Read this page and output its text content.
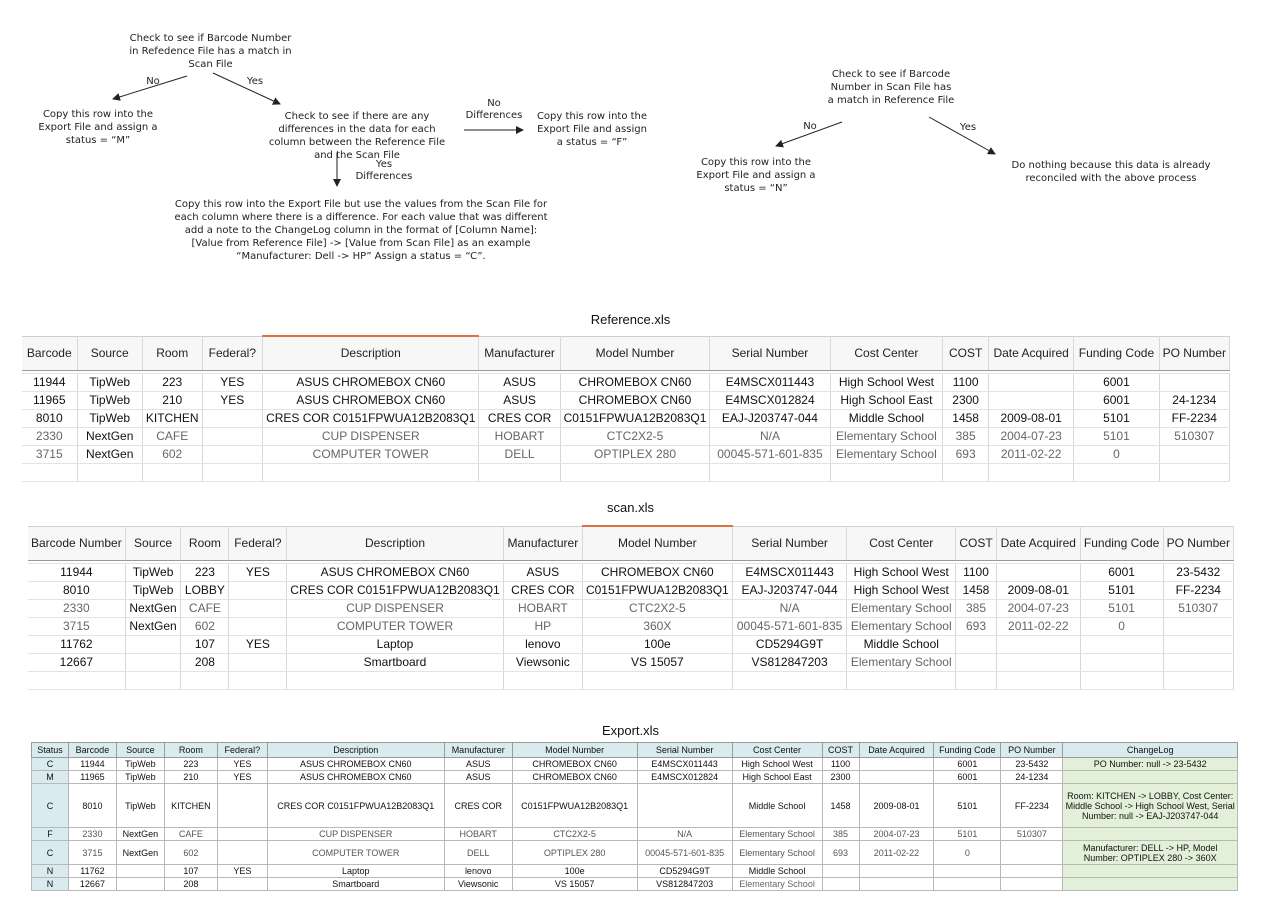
Check to see if Barcode Number in Refedence File has a match in Scan File
No	Yes
Copy this row into the Export File and assign a status = “M”
Check to see if there are any differences in the data for each column between the Reference File and the Scan File
No Differences	Copy this row into the Export File and assign a status = “F”
Yes Differences
Copy this row into the Export File but use the values from the Scan File for each column where there is a difference. For each value that was different add a note to the ChangeLog column in the format of [Column Name]: [Value from Reference File] -> [Value from Scan File] as an example “Manufacturer: Dell -> HP” Assign a status = “C”.
Check to see if Barcode Number in Scan File has a match in Reference File
No	Yes
Copy this row into the Export File and assign a status = “N”
Do nothing because this data is already reconciled with the above process
Reference.xls
Barcode	Source	Room	Federal?	Description	Manufacturer	Model Number	Serial Number	Cost Center	COST	Date Acquired	Funding Code	PO Number

11944	TipWeb	223	YES	ASUS CHROMEBOX CN60	ASUS	CHROMEBOX CN60	E4MSCX011443	High School West	1100		6001	
11965	TipWeb	210	YES	ASUS CHROMEBOX CN60	ASUS	CHROMEBOX CN60	E4MSCX012824	High School East	2300		6001	24-1234
8010	TipWeb	KITCHEN		CRES COR C0151FPWUA12B2083Q1	CRES COR	C0151FPWUA12B2083Q1	EAJ-J203747-044	Middle School	1458	2009-08-01	5101	FF-2234
2330	NextGen	CAFE		CUP DISPENSER	HOBART	CTC2X2-5	N/A	Elementary School	385	2004-07-23	5101	510307
3715	NextGen	602		COMPUTER TOWER	DELL	OPTIPLEX 280	00045-571-601-835	Elementary School	693	2011-02-22	0	

scan.xls
Barcode Number	Source	Room	Federal?	Description	Manufacturer	Model Number	Serial Number	Cost Center	COST	Date Acquired	Funding Code	PO Number

11944	TipWeb	223	YES	ASUS CHROMEBOX CN60	ASUS	CHROMEBOX CN60	E4MSCX011443	High School West	1100		6001	23-5432
8010	TipWeb	LOBBY		CRES COR C0151FPWUA12B2083Q1	CRES COR	C0151FPWUA12B2083Q1	EAJ-J203747-044	High School West	1458	2009-08-01	5101	FF-2234
2330	NextGen	CAFE		CUP DISPENSER	HOBART	CTC2X2-5	N/A	Elementary School	385	2004-07-23	5101	510307
3715	NextGen	602		COMPUTER TOWER	HP	360X	00045-571-601-835	Elementary School	693	2011-02-22	0	
11762		107	YES	Laptop	lenovo	100e	CD5294G9T	Middle School				
12667		208		Smartboard	Viewsonic	VS 15057	VS812847203	Elementary School				

Export.xls
Status	Barcode	Source	Room	Federal?	Description	Manufacturer	Model Number	Serial Number	Cost Center	COST	Date Acquired	Funding Code	PO Number	ChangeLog
C	11944	TipWeb	223	YES	ASUS CHROMEBOX CN60	ASUS	CHROMEBOX CN60	E4MSCX011443	High School West	1100		6001	23-5432	PO Number: null -> 23-5432
M	11965	TipWeb	210	YES	ASUS CHROMEBOX CN60	ASUS	CHROMEBOX CN60	E4MSCX012824	High School East	2300		6001	24-1234	
C	8010	TipWeb	KITCHEN		CRES COR C0151FPWUA12B2083Q1	CRES COR	C0151FPWUA12B2083Q1		Middle School	1458	2009-08-01	5101	FF-2234	Room: KITCHEN -> LOBBY, Cost Center: Middle School -> High School West, Serial Number: null -> EAJ-J203747-044
F	2330	NextGen	CAFE		CUP DISPENSER	HOBART	CTC2X2-5	N/A	Elementary School	385	2004-07-23	5101	510307	
C	3715	NextGen	602		COMPUTER TOWER	DELL	OPTIPLEX 280	00045-571-601-835	Elementary School	693	2011-02-22	0		Manufacturer: DELL -> HP, Model Number: OPTIPLEX 280 -> 360X
N	11762		107	YES	Laptop	lenovo	100e	CD5294G9T	Middle School					
N	12667		208		Smartboard	Viewsonic	VS 15057	VS812847203	Elementary School					
